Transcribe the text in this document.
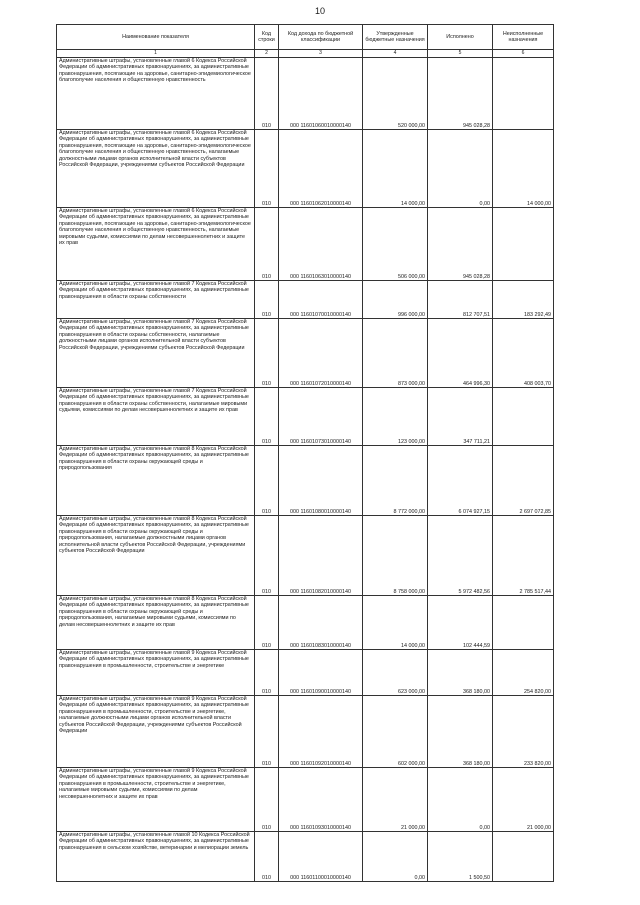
10
Наименование показателя	Код строки	Код дохода по бюджетной классификации	Утвержденные бюджетные назначения	Исполнено	Неисполненные назначения
1	2	3	4	5	6
Административные штрафы, установленные главой 6 Кодекса Российской Федерации об административных правонарушениях, за административные правонарушения, посягающие на здоровье, санитарно-эпидемиологическое благополучие населения и общественную нравственность	010	000 11601060010000140	520 000,00	945 028,28	
Административные штрафы, установленные главой 6 Кодекса Российской Федерации об административных правонарушениях, за административные правонарушения, посягающие на здоровье, санитарно-эпидемиологическое благополучие населения и общественную нравственность, налагаемые должностными лицами органов исполнительной власти субъектов Российской Федерации, учреждениями субъектов Российской Федерации	010	000 11601062010000140	14 000,00	0,00	14 000,00
Административные штрафы, установленные главой 6 Кодекса Российской Федерации об административных правонарушениях, за административные правонарушения, посягающие на здоровье, санитарно-эпидемиологическое благополучие населения и общественную нравственность, налагаемые мировыми судьями, комиссиями по делам несовершеннолетних и защите их прав	010	000 11601063010000140	506 000,00	945 028,28	
Административные штрафы, установленные главой 7 Кодекса Российской Федерации об административных правонарушениях, за административные правонарушения в области охраны собственности	010	000 11601070010000140	996 000,00	812 707,51	183 292,49
Административные штрафы, установленные главой 7 Кодекса Российской Федерации об административных правонарушениях, за административные правонарушения в области охраны собственности, налагаемые должностными лицами органов исполнительной власти субъектов Российской Федерации, учреждениями субъектов Российской Федерации	010	000 11601072010000140	873 000,00	464 996,30	408 003,70
Административные штрафы, установленные главой 7 Кодекса Российской Федерации об административных правонарушениях, за административные правонарушения в области охраны собственности, налагаемые мировыми судьями, комиссиями по делам несовершеннолетних и защите их прав	010	000 11601073010000140	123 000,00	347 711,21	
Административные штрафы, установленные главой 8 Кодекса Российской Федерации об административных правонарушениях, за административные правонарушения в области охраны окружающей среды и природопользования	010	000 11601080010000140	8 772 000,00	6 074 927,15	2 697 072,85
Административные штрафы, установленные главой 8 Кодекса Российской Федерации об административных правонарушениях, за административные правонарушения в области охраны окружающей среды и природопользования, налагаемые должностными лицами органов исполнительной власти субъектов Российской Федерации, учреждениями субъектов Российской Федерации	010	000 11601082010000140	8 758 000,00	5 972 482,56	2 785 517,44
Административные штрафы, установленные главой 8 Кодекса Российской Федерации об административных правонарушениях, за административные правонарушения в области охраны окружающей среды и природопользования, налагаемые мировыми судьями, комиссиями по делам несовершеннолетних и защите их прав	010	000 11601083010000140	14 000,00	102 444,59	
Административные штрафы, установленные главой 9 Кодекса Российской Федерации об административных правонарушениях, за административные правонарушения в промышленности, строительстве и энергетике	010	000 11601090010000140	623 000,00	368 180,00	254 820,00
Административные штрафы, установленные главой 9 Кодекса Российской Федерации об административных правонарушениях, за административные правонарушения в промышленности, строительстве и энергетике, налагаемые должностными лицами органов исполнительной власти субъектов Российской Федерации, учреждениями субъектов Российской Федерации	010	000 11601092010000140	602 000,00	368 180,00	233 820,00
Административные штрафы, установленные главой 9 Кодекса Российской Федерации об административных правонарушениях, за административные правонарушения в промышленности, строительстве и энергетике, налагаемые мировыми судьями, комиссиями по делам несовершеннолетних и защите их прав	010	000 11601093010000140	21 000,00	0,00	21 000,00
Административные штрафы, установленные главой 10 Кодекса Российской Федерации об административных правонарушениях, за административные правонарушения в сельском хозяйстве, ветеринарии и мелиорации земель	010	000 11601100010000140	0,00	1 500,50	
